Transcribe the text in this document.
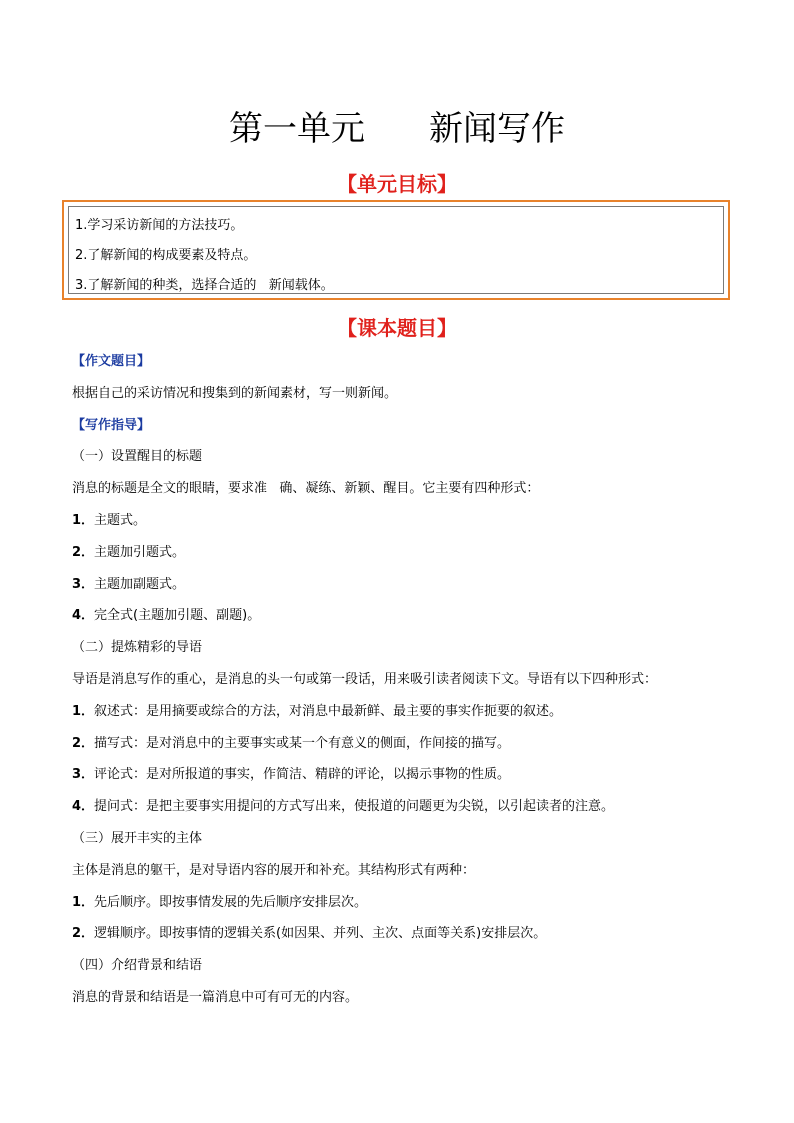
第一单元 新闻写作
【单元目标】
1.学习采访新闻的方法技巧。
2.了解新闻的构成要素及特点。
3.了解新闻的种类，选择合适的   新闻载体。
【课本题目】
【作文题目】
根据自己的采访情况和搜集到的新闻素材，写一则新闻。
【写作指导】
（一）设置醒目的标题
消息的标题是全文的眼睛，要求准   确、凝练、新颖、醒目。它主要有四种形式：
1．主题式。
2．主题加引题式。
3．主题加副题式。
4．完全式(主题加引题、副题)。
（二）提炼精彩的导语
导语是消息写作的重心，是消息的头一句或第一段话，用来吸引读者阅读下文。导语有以下四种形式：
1．叙述式：是用摘要或综合的方法，对消息中最新鲜、最主要的事实作扼要的叙述。
2．描写式：是对消息中的主要事实或某一个有意义的侧面，作间接的描写。
3．评论式：是对所报道的事实，作简洁、精辟的评论，以揭示事物的性质。
4．提问式：是把主要事实用提问的方式写出来，使报道的问题更为尖锐，以引起读者的注意。
（三）展开丰实的主体
主体是消息的躯干，是对导语内容的展开和补充。其结构形式有两种：
1．先后顺序。即按事情发展的先后顺序安排层次。
2．逻辑顺序。即按事情的逻辑关系(如因果、并列、主次、点面等关系)安排层次。
（四）介绍背景和结语
消息的背景和结语是一篇消息中可有可无的内容。
